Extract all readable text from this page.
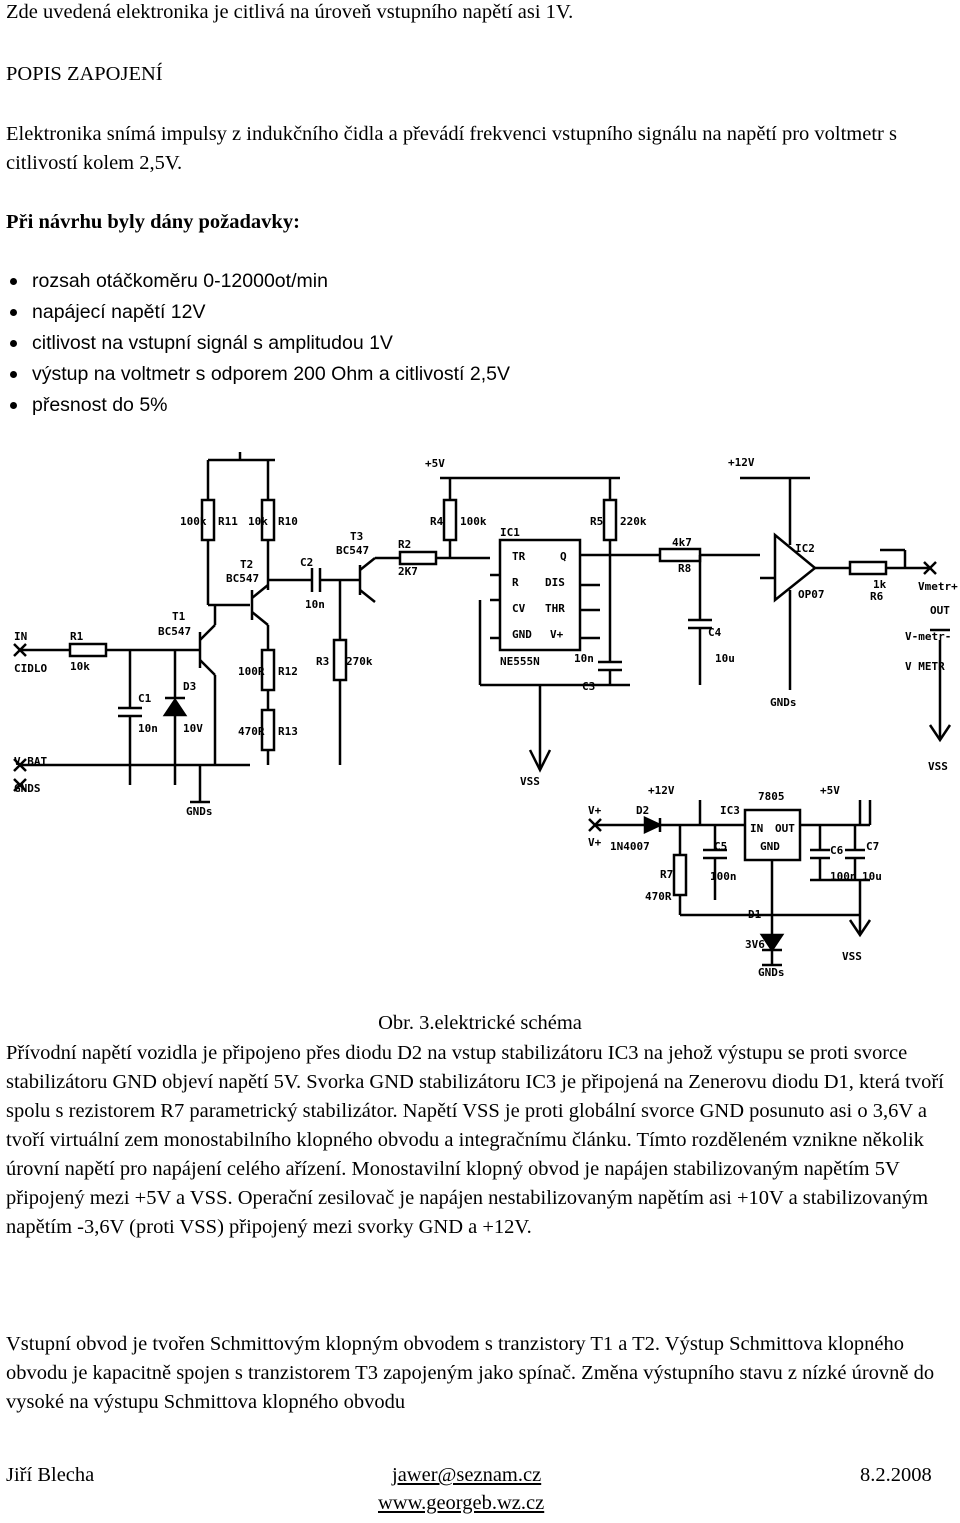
Zde uvedená elektronika je citlivá na úroveň vstupního napětí asi 1V.
POPIS ZAPOJENÍ
Elektronika snímá impulsy z indukčního čidla a převádí frekvenci vstupního signálu na napětí pro voltmetr s citlivostí kolem 2,5V.
Při návrhu byly dány požadavky:
rozsah otáčkoměru 0-12000ot/min
napájecí napětí 12V
citlivost na vstupní signál s amplitudou 1V
výstup na voltmetr s odporem 200 Ohm a citlivostí 2,5V
přesnost do 5%
IN
CIDLO
R1
10k
C1
10n
D3
10V
T1
BC547
T2
BC547
R11
100k	R10
10k
R12
100R
R13
470R
C2
10n
T3
BC547
R3 270k
R2
2K7
R4 100k
+5V
IC1
NE555N
TR	Q
R DIS
CV THR
GND V+
R5 220k
C3
10n
R8
4k7
C4
10u
+12V
IC2
OP07
GNDs
R6
1k	Vmetr+
OUT
V-metr-
V METR
V BAT
GNDS
GNDs
VSS
VSS
V+
V+
D2
1N4007
IC3
7805
IN OUT
GND
C5
100n
C6
100n
C7
10u
R7
470R
D1
3V6
GNDs
VSS
+5V
+12V
Obr. 3.elektrické schéma
Přívodní napětí vozidla je připojeno přes diodu D2 na vstup stabilizátoru IC3 na jehož výstupu se proti svorce stabilizátoru GND objeví napětí 5V. Svorka GND stabilizátoru IC3 je připojená na Zenerovu diodu D1, která tvoří spolu s rezistorem R7 parametrický stabilizátor. Napětí VSS je proti globální svorce GND posunuto asi o 3,6V a tvoří virtuální zem monostabilního klopného obvodu a integračnímu článku. Tímto rozděleném vznikne několik úrovní napětí pro napájení celého ařízení. Monostavilní klopný obvod je napájen stabilizovaným napětím 5V připojený mezi +5V a VSS. Operační zesilovač je napájen nestabilizovaným napětím asi +10V a stabilizovaným napětím -3,6V (proti VSS) připojený mezi svorky GND a +12V.
Vstupní obvod je tvořen Schmittovým klopným obvodem s tranzistory T1 a T2. Výstup Schmittova klopného obvodu je kapacitně spojen s tranzistorem T3 zapojeným jako spínač. Změna výstupního stavu z nízké úrovně do vysoké na výstupu Schmittova klopného obvodu
Jiří Blecha	jawer@seznam.cz
www.georgeb.wz.cz
8.2.2008
